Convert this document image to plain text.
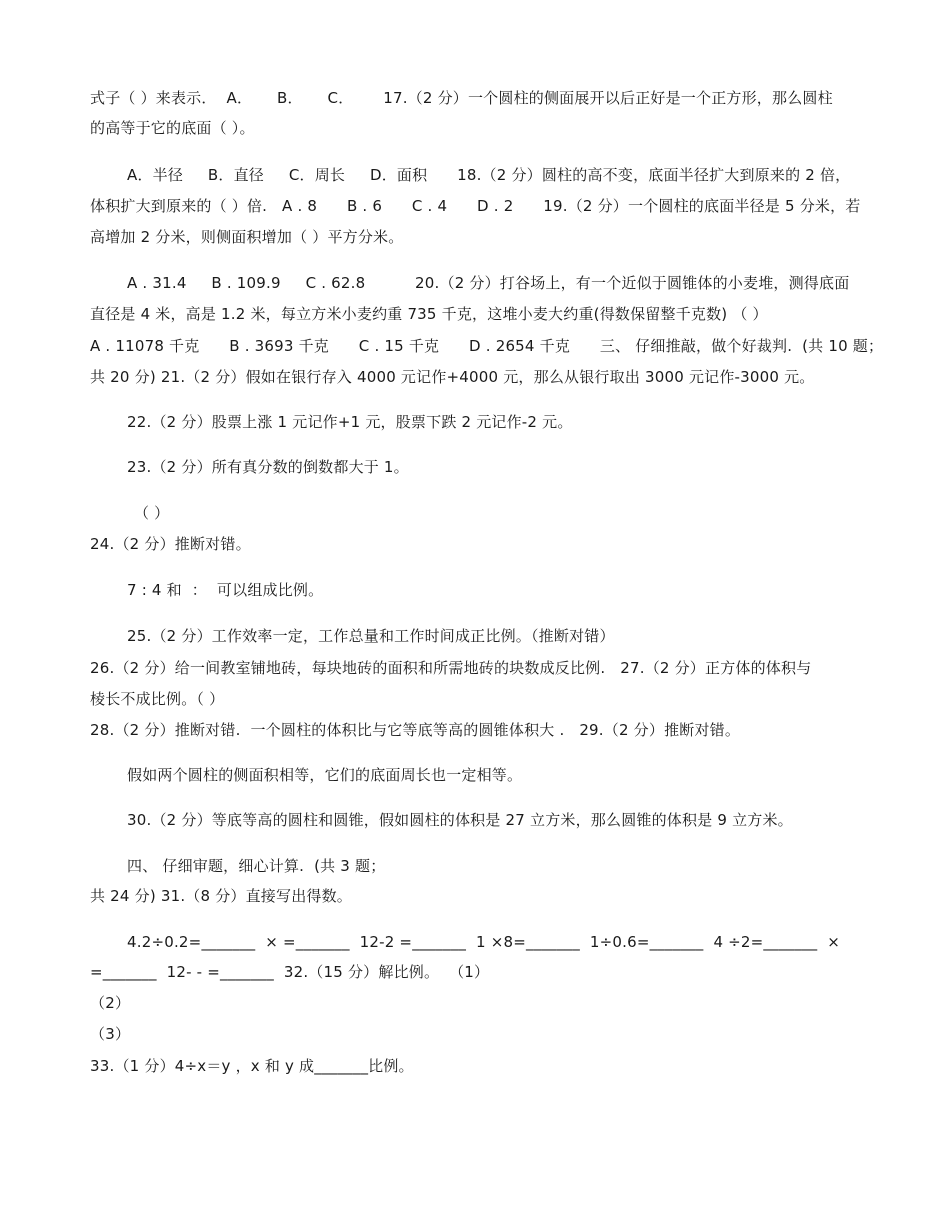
式子（ ）来表示．  A．     B．     C．      17.（2 分）一个圆柱的侧面展开以后正好是一个正方形，那么圆柱
的高等于它的底面（ ）。
A．半径     B．直径     C．周长     D．面积      18.（2 分）圆柱的高不变，底面半径扩大到原来的 2 倍，
体积扩大到原来的（ ）倍.   A . 8      B . 6      C . 4      D . 2      19.（2 分）一个圆柱的底面半径是 5 分米，若
高增加 2 分米，则侧面积增加（ ）平方分米。
A . 31.4     B . 109.9     C . 62.8          20.（2 分）打谷场上，有一个近似于圆锥体的小麦堆，测得底面
直径是 4 米，高是 1.2 米，每立方米小麦约重 735 千克，这堆小麦大约重(得数保留整千克数) （ ）
A . 11078 千克      B . 3693 千克      C . 15 千克      D . 2654 千克      三、 仔细推敲，做个好裁判.  (共 10 题；
共 20 分) 21.（2 分）假如在银行存入 4000 元记作+4000 元，那么从银行取出 3000 元记作-3000 元。
22.（2 分）股票上涨 1 元记作+1 元，股票下跌 2 元记作-2 元。
23.（2 分）所有真分数的倒数都大于 1。
（ ）
24.（2 分）推断对错。
7 : 4 和  ：  可以组成比例。
25.（2 分）工作效率一定，工作总量和工作时间成正比例。（推断对错）
26.（2 分）给一间教室铺地砖，每块地砖的面积和所需地砖的块数成反比例.   27.（2 分）正方体的体积与
棱长不成比例。（ ）
28.（2 分）推断对错.  一个圆柱的体积比与它等底等高的圆锥体积大 .   29.（2 分）推断对错。
假如两个圆柱的侧面积相等，它们的底面周长也一定相等。
30.（2 分）等底等高的圆柱和圆锥，假如圆柱的体积是 27 立方米，那么圆锥的体积是 9 立方米。
四、 仔细审题，细心计算.  (共 3 题；
共 24 分) 31.（8 分）直接写出得数。
4.2÷0.2=_______  × =_______  12-2 =_______  1 ×8=_______  1÷0.6=_______  4 ÷2=_______  ×
=_______  12- - =_______  32.（15 分）解比例。  （1）
（2）
（3）
33.（1 分）4÷x＝y ，x 和 y 成_______比例。
